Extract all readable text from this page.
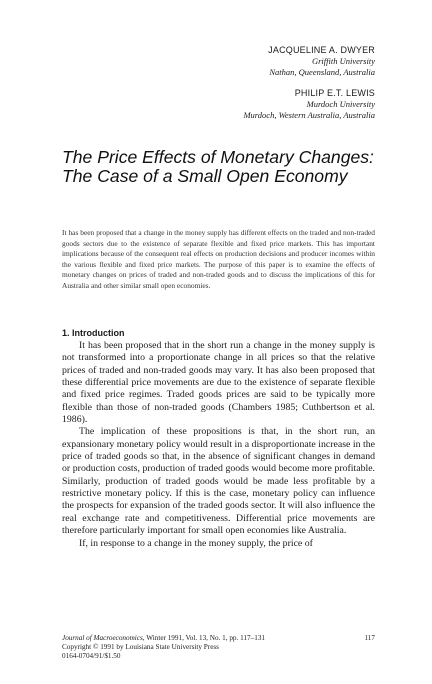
JACQUELINE A. DWYER
Griffith University
Nathan, Queensland, Australia
PHILIP E.T. LEWIS
Murdoch University
Murdoch, Western Australia, Australia
The Price Effects of Monetary Changes: The Case of a Small Open Economy
It has been proposed that a change in the money supply has different effects on the traded and non-traded goods sectors due to the existence of separate flexible and fixed price markets. This has important implications because of the consequent real effects on production decisions and producer incomes within the various flexible and fixed price markets. The purpose of this paper is to examine the effects of monetary changes on prices of traded and non-traded goods and to discuss the implications of this for Australia and other similar small open economies.
1. Introduction

It has been proposed that in the short run a change in the money supply is not transformed into a proportionate change in all prices so that the relative prices of traded and non-traded goods may vary. It has also been proposed that these differential price movements are due to the existence of separate flexible and fixed price regimes. Traded goods prices are said to be typically more flexible than those of non-traded goods (Chambers 1985; Cuthbertson et al. 1986).

The implication of these propositions is that, in the short run, an expansionary monetary policy would result in a disproportionate increase in the price of traded goods so that, in the absence of significant changes in demand or production costs, production of traded goods would become more profitable. Similarly, production of traded goods would be made less profitable by a restrictive monetary policy. If this is the case, monetary policy can influence the prospects for expansion of the traded goods sector. It will also influence the real exchange rate and competitiveness. Differential price movements are therefore particularly important for small open economies like Australia.

If, in response to a change in the money supply, the price of

Journal of Macroeconomics, Winter 1991, Vol. 13, No. 1, pp. 117–131	117
Copyright © 1991 by Louisiana State University Press
0164-0704/91/$1.50
